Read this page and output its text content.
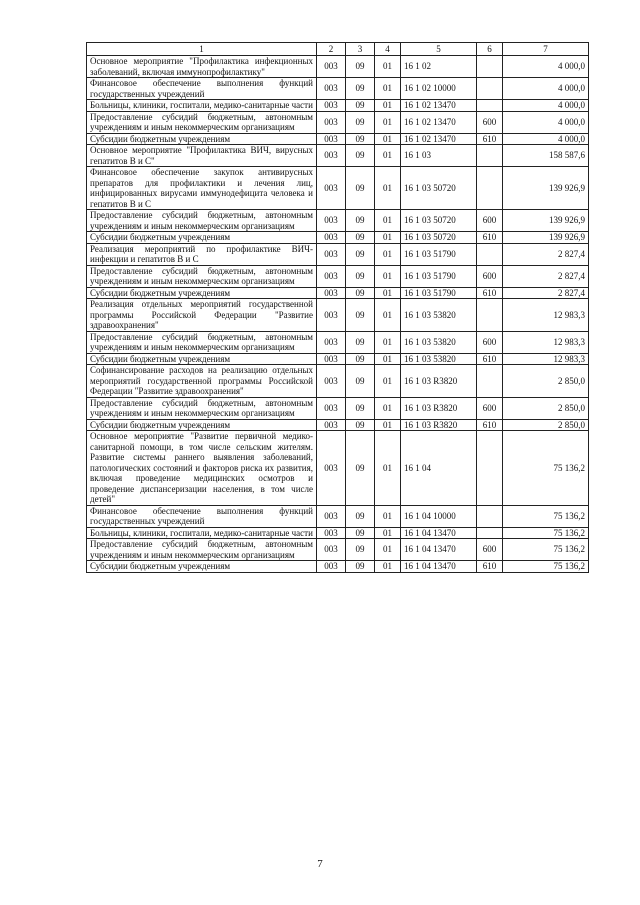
1	2	3	4	5	6	7
Основное мероприятие "Профилактика инфекционных заболеваний, включая иммунопрофилактику"	003	09	01	16 1 02		4 000,0
Финансовое обеспечение выполнения функций государственных учреждений	003	09	01	16 1 02 10000		4 000,0
Больницы, клиники, госпитали, медико-санитарные части	003	09	01	16 1 02 13470		4 000,0
Предоставление субсидий бюджетным, автономным учреждениям и иным некоммерческим организациям	003	09	01	16 1 02 13470	600	4 000,0
Субсидии бюджетным учреждениям	003	09	01	16 1 02 13470	610	4 000,0
Основное мероприятие "Профилактика ВИЧ, вирусных гепатитов В и С"	003	09	01	16 1 03		158 587,6
Финансовое обеспечение закупок антивирусных препаратов для профилактики и лечения лиц, инфицированных вирусами иммунодефицита человека и гепатитов В и С	003	09	01	16 1 03 50720		139 926,9
Предоставление субсидий бюджетным, автономным учреждениям и иным некоммерческим организациям	003	09	01	16 1 03 50720	600	139 926,9
Субсидии бюджетным учреждениям	003	09	01	16 1 03 50720	610	139 926,9
Реализация мероприятий по профилактике ВИЧ-инфекции и гепатитов В и С	003	09	01	16 1 03 51790		2 827,4
Предоставление субсидий бюджетным, автономным учреждениям и иным некоммерческим организациям	003	09	01	16 1 03 51790	600	2 827,4
Субсидии бюджетным учреждениям	003	09	01	16 1 03 51790	610	2 827,4
Реализация отдельных мероприятий государственной программы Российской Федерации "Развитие здравоохранения"	003	09	01	16 1 03 53820		12 983,3
Предоставление субсидий бюджетным, автономным учреждениям и иным некоммерческим организациям	003	09	01	16 1 03 53820	600	12 983,3
Субсидии бюджетным учреждениям	003	09	01	16 1 03 53820	610	12 983,3
Софинансирование расходов на реализацию отдельных мероприятий государственной программы Российской Федерации "Развитие здравоохранения"	003	09	01	16 1 03 R3820		2 850,0
Предоставление субсидий бюджетным, автономным учреждениям и иным некоммерческим организациям	003	09	01	16 1 03 R3820	600	2 850,0
Субсидии бюджетным учреждениям	003	09	01	16 1 03 R3820	610	2 850,0
Основное мероприятие "Развитие первичной медико-санитарной помощи, в том числе сельским жителям. Развитие системы раннего выявления заболеваний, патологических состояний и факторов риска их развития, включая проведение медицинских осмотров и проведение диспансеризации населения, в том числе детей"	003	09	01	16 1 04		75 136,2
Финансовое обеспечение выполнения функций государственных учреждений	003	09	01	16 1 04 10000		75 136,2
Больницы, клиники, госпитали, медико-санитарные части	003	09	01	16 1 04 13470		75 136,2
Предоставление субсидий бюджетным, автономным учреждениям и иным некоммерческим организациям	003	09	01	16 1 04 13470	600	75 136,2
Субсидии бюджетным учреждениям	003	09	01	16 1 04 13470	610	75 136,2
7
